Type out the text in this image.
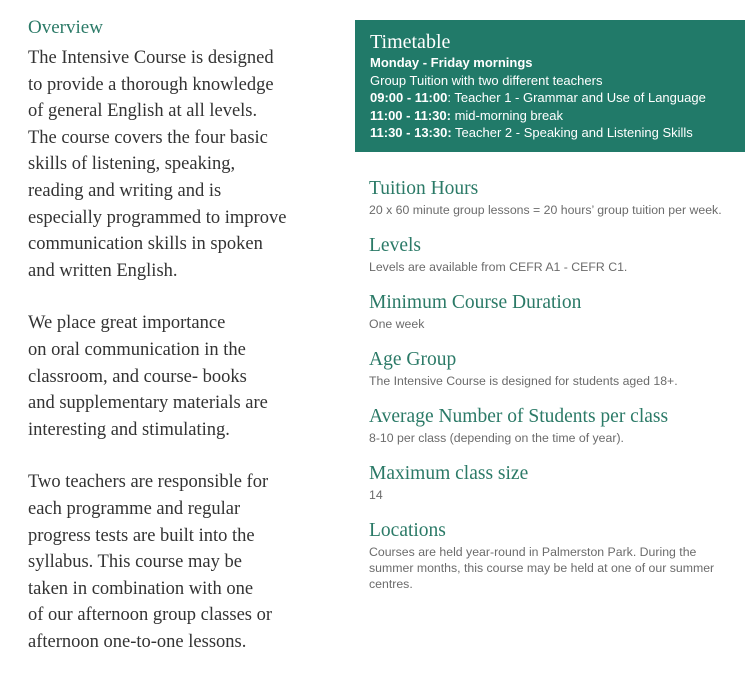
Overview

The Intensive Course is designed
to provide a thorough knowledge
of general English at all levels.
The course covers the four basic
skills of listening, speaking,
reading and writing and is
especially programmed to improve
communication skills in spoken
and written English.

We place great importance
on oral communication in the
classroom, and course- books
and supplementary materials are
interesting and stimulating.

Two teachers are responsible for
each programme and regular
progress tests are built into the
syllabus. This course may be
taken in combination with one
of our afternoon group classes or
afternoon one-to-one lessons.

Timetable
Monday - Friday mornings
Group Tuition with two different teachers
09:00 - 11:00: Teacher 1 - Grammar and Use of Language
11:00 - 11:30: mid-morning break
11:30 - 13:30: Teacher 2 - Speaking and Listening Skills
Tuition Hours
20 x 60 minute group lessons = 20 hours’ group tuition per week.
Levels
Levels are available from CEFR A1 - CEFR C1.
Minimum Course Duration
One week
Age Group
The Intensive Course is designed for students aged 18+.
Average Number of Students per class
8-10 per class (depending on the time of year).
Maximum class size
14
Locations
Courses are held year-round in Palmerston Park. During the summer months, this course may be held at one of our summer centres.
